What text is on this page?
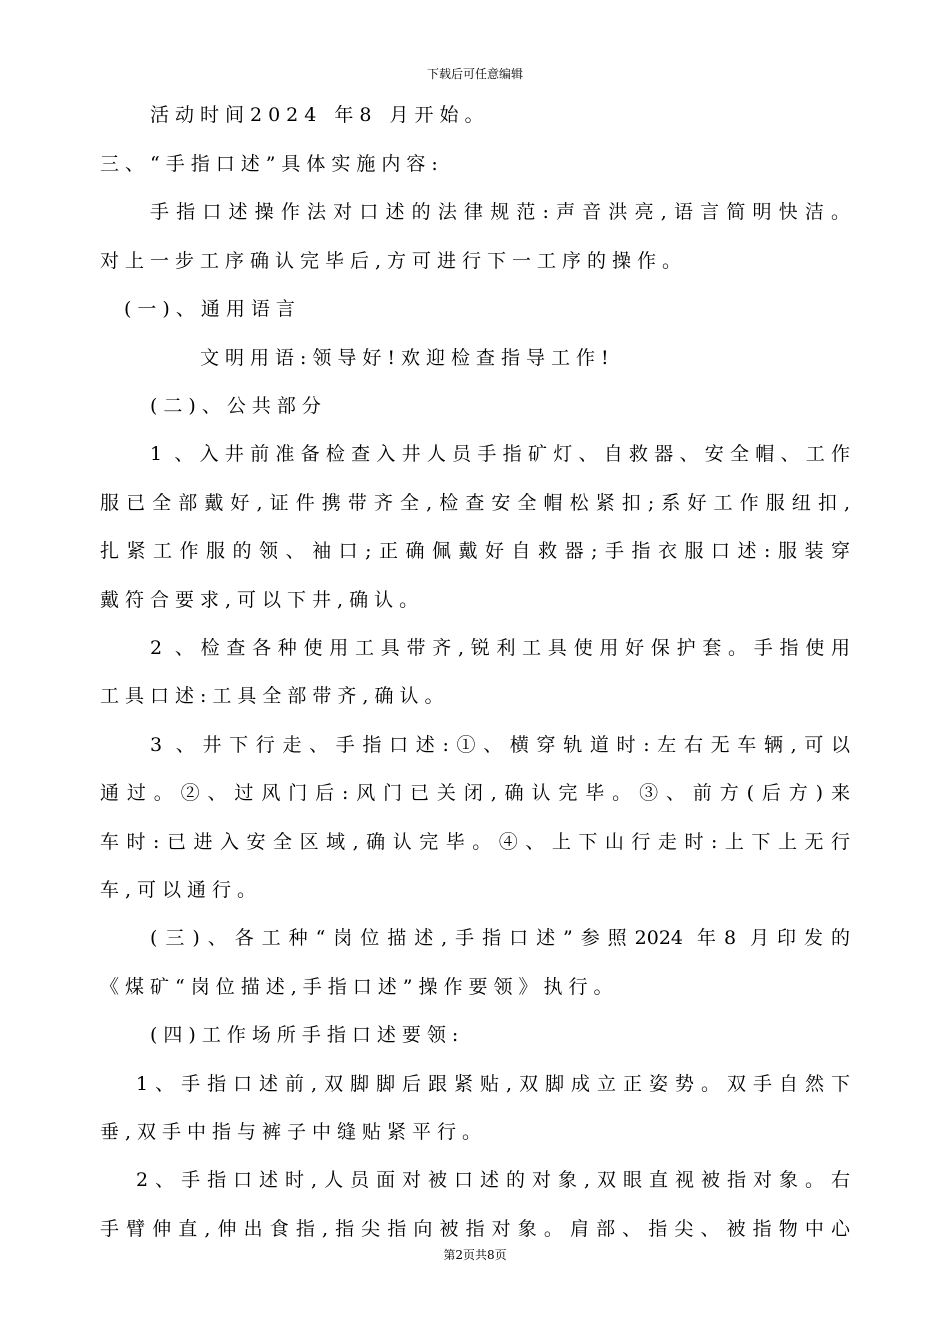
下载后可任意编辑
活动时间2024 年8 月开始。
三、“手指口述”具体实施内容:
手指口述操作法对口述的法律规范:声音洪亮,语言简明快洁。
对上一步工序确认完毕后,方可进行下一工序的操作。
(一)、通用语言
文明用语:领导好!欢迎检查指导工作!
(二)、公共部分
1 、入井前准备检查入井人员手指矿灯、自救器、安全帽、工作
服已全部戴好,证件携带齐全,检查安全帽松紧扣;系好工作服纽扣,
扎紧工作服的领、袖口;正确佩戴好自救器;手指衣服口述:服装穿
戴符合要求,可以下井,确认。
2 、检查各种使用工具带齐,锐利工具使用好保护套。手指使用
工具口述:工具全部带齐,确认。
3 、井下行走、手指口述:①、横穿轨道时:左右无车辆,可以
通过。②、过风门后:风门已关闭,确认完毕。③、前方(后方)来
车时:已进入安全区域,确认完毕。④、上下山行走时:上下上无行
车,可以通行。
(三)、各工种“岗位描述,手指口述”参照2024 年8 月印发的
《煤矿“岗位描述,手指口述”操作要领》执行。
(四)工作场所手指口述要领:
1、手指口述前,双脚脚后跟紧贴,双脚成立正姿势。双手自然下
垂,双手中指与裤子中缝贴紧平行。
2、手指口述时,人员面对被口述的对象,双眼直视被指对象。右
手臂伸直,伸出食指,指尖指向被指对象。肩部、指尖、被指物中心
第2页共8页
